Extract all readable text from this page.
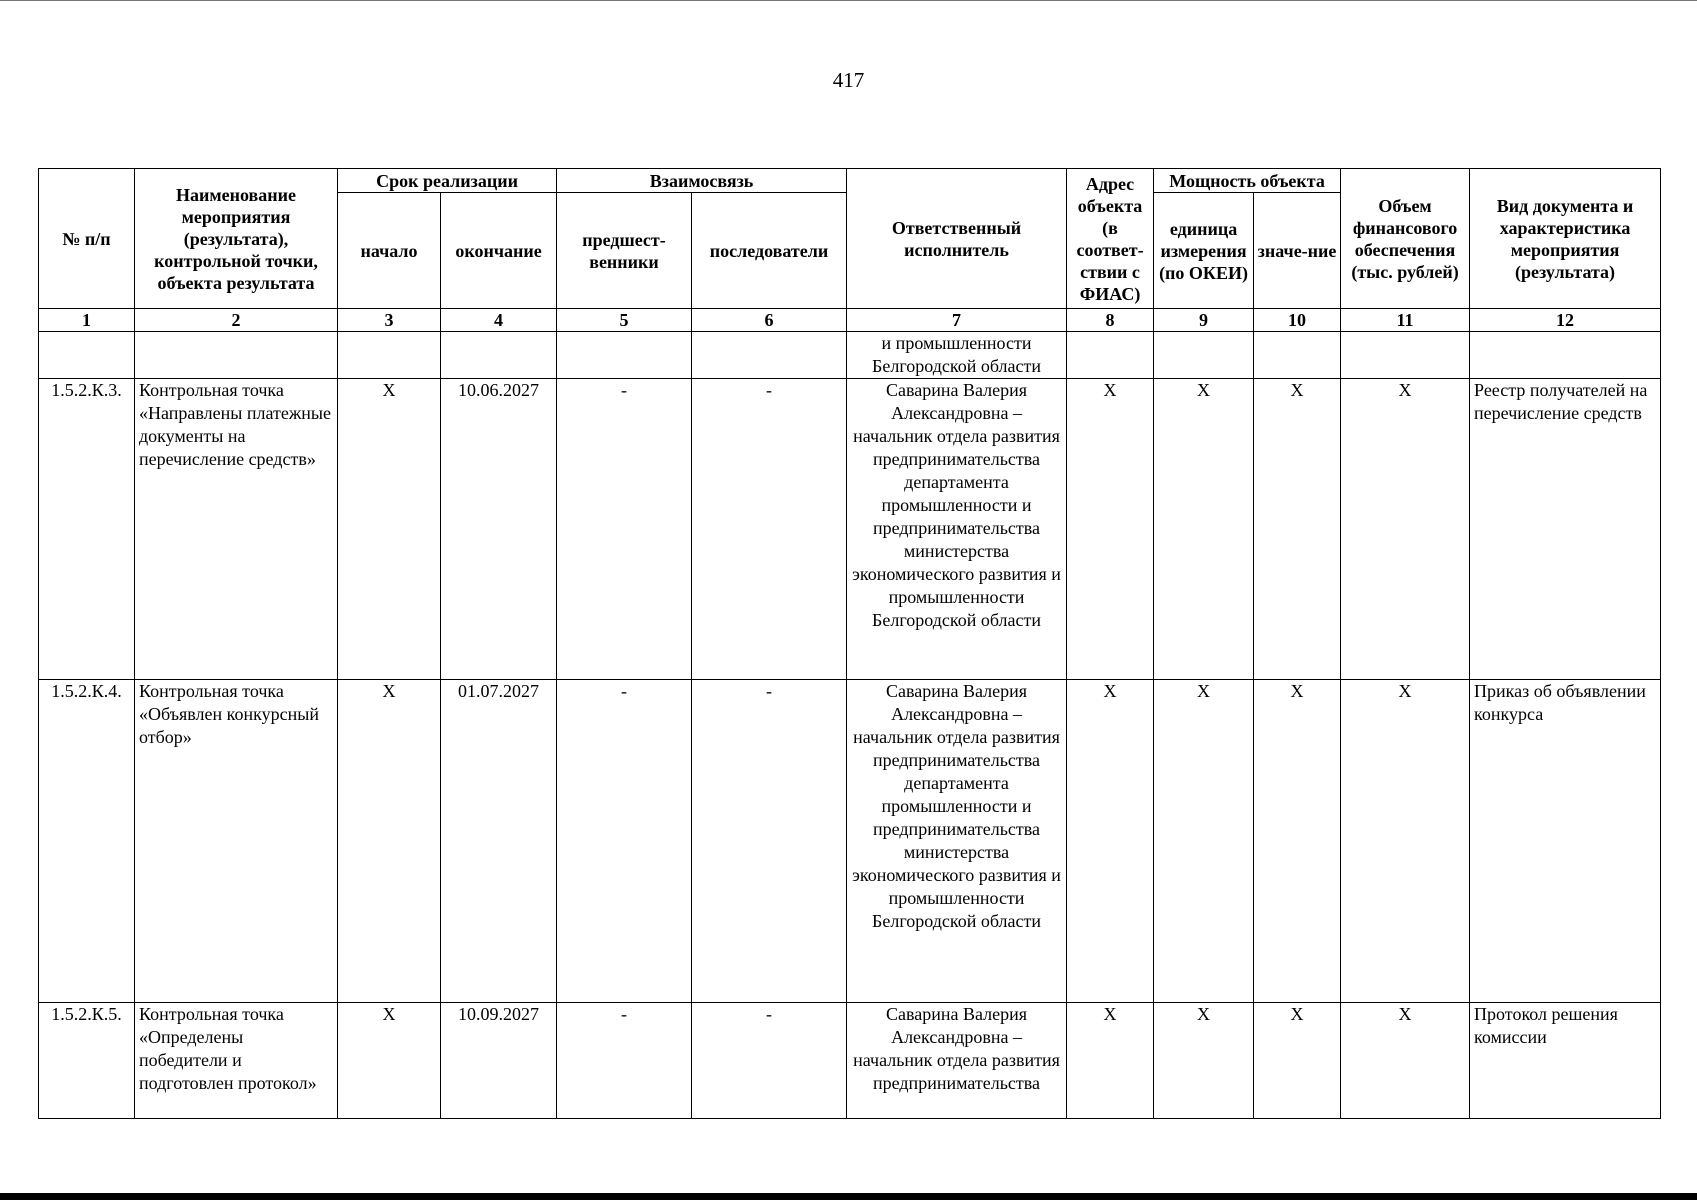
417
№ п/п	Наименование мероприятия (результата), контрольной точки, объекта результата	Срок реализации		Взаимосвязь		Ответственный исполнитель	Адрес объекта (в соответ-ствии с ФИАС)	Мощность объекта		Объем финансового обеспечения (тыс. рублей)	Вид документа и характеристика мероприятия (результата)
		начало	окончание	предшест-венники	последователи			единица измерения (по ОКЕИ)	значе-ние		
1	2	3	4	5	6	7	8	9	10	11	12
						и промышленности Белгородской области					
1.5.2.К.3.	Контрольная точка «Направлены платежные документы на перечисление средств»	X	10.06.2027	-	-	Саварина Валерия Александровна – начальник отдела развития предпринимательства департамента промышленности и предпринимательства министерства экономического развития и промышленности Белгородской области	X	X	X	X	Реестр получателей на перечисление средств
1.5.2.К.4.	Контрольная точка «Объявлен конкурсный отбор»	X	01.07.2027	-	-	Саварина Валерия Александровна – начальник отдела развития предпринимательства департамента промышленности и предпринимательства министерства экономического развития и промышленности Белгородской области	X	X	X	X	Приказ об объявлении конкурса
1.5.2.К.5.	Контрольная точка «Определены победители и подготовлен протокол»	X	10.09.2027	-	-	Саварина Валерия Александровна – начальник отдела развития предпринимательства	X	X	X	X	Протокол решения комиссии
